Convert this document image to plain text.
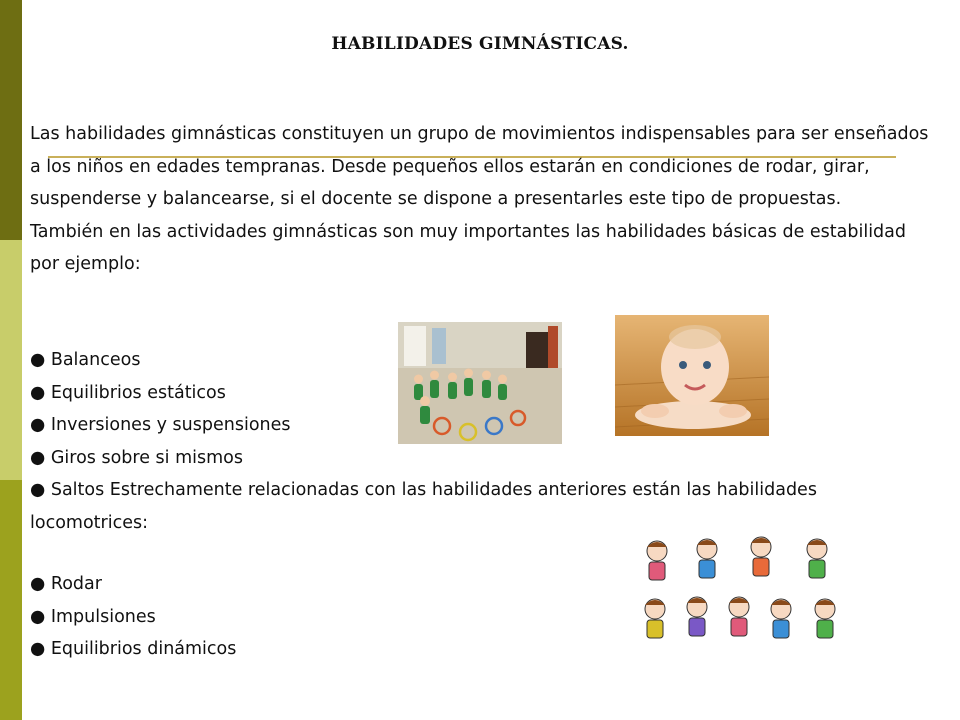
HABILIDADES GIMNÁSTICAS.

Las habilidades gimnásticas constituyen un grupo de movimientos indispensables para ser enseñados a los niños en edades tempranas. Desde pequeños ellos estarán en condiciones de rodar, girar, suspenderse y balancearse, si el docente se dispone a presentarles este tipo de propuestas.

También en las actividades gimnásticas son muy importantes las habilidades básicas de estabilidad por ejemplo:

● Balanceos
● Equilibrios estáticos
● Inversiones y suspensiones
● Giros sobre si mismos
● Saltos Estrechamente relacionadas con las habilidades anteriores están las habilidades locomotrices:
● Rodar
● Impulsiones
● Equilibrios dinámicos
